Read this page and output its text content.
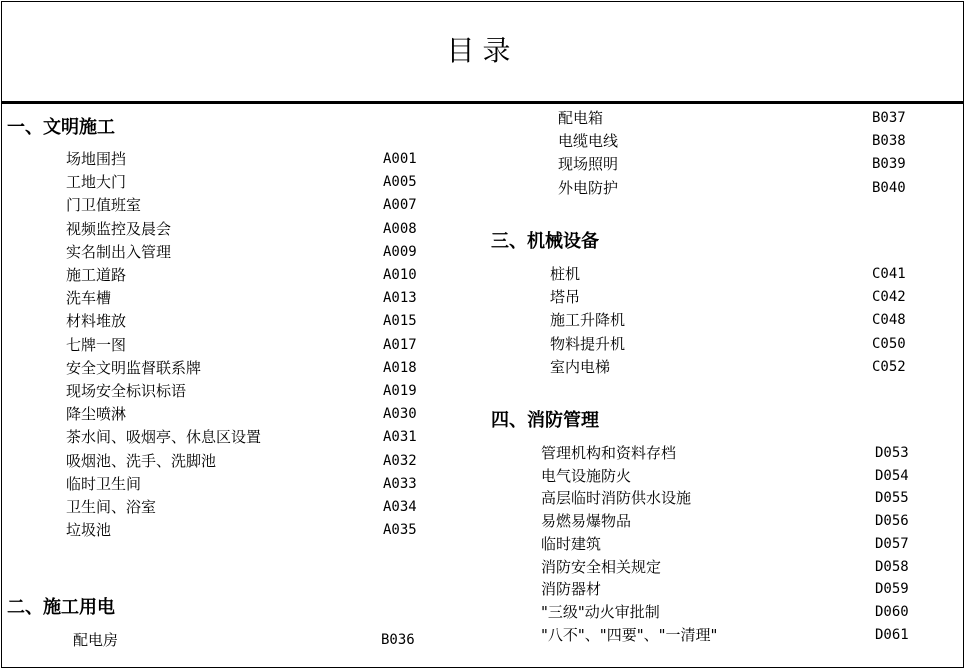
目录
一、文明施工
场地围挡	A001
工地大门	A005
门卫值班室	A007
视频监控及晨会	A008
实名制出入管理	A009
施工道路	A010
洗车槽	A013
材料堆放	A015
七牌一图	A017
安全文明监督联系牌	A018
现场安全标识标语	A019
降尘喷淋	A030
茶水间、吸烟亭、休息区设置	A031
吸烟池、洗手、洗脚池	A032
临时卫生间	A033
卫生间、浴室	A034
垃圾池	A035
二、施工用电
配电房	B036
配电箱	B037
电缆电线	B038
现场照明	B039
外电防护	B040
三、机械设备
桩机	C041
塔吊	C042
施工升降机	C048
物料提升机	C050
室内电梯	C052
四、消防管理
管理机构和资料存档	D053
电气设施防火	D054
高层临时消防供水设施	D055
易燃易爆物品	D056
临时建筑	D057
消防安全相关规定	D058
消防器材	D059
"三级"动火审批制	D060
"八不"、"四要"、"一清理"	D061
